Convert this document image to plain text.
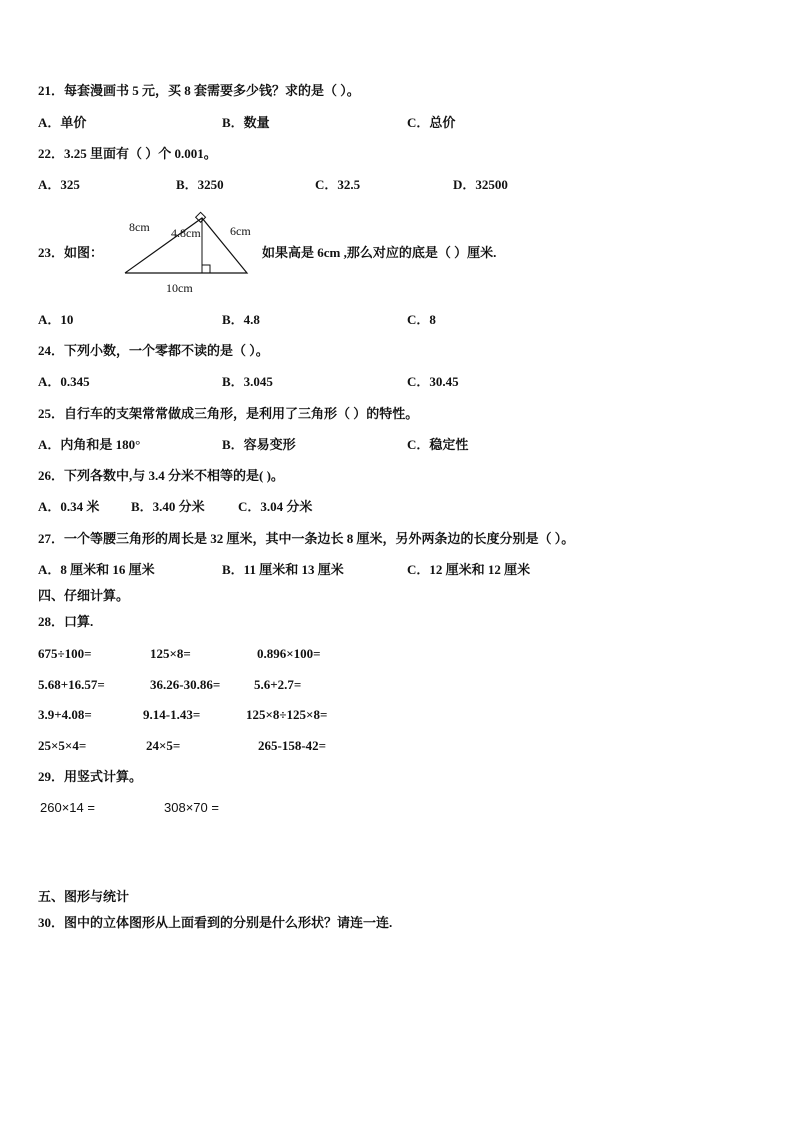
21．每套漫画书 5 元，买 8 套需要多少钱？求的是（ ）。
A．单价	B．数量	C．总价
22．3.25 里面有（ ）个 0.001。
A．325	B．3250	C．32.5	D．32500
23．如图：
8cm 4.8cm 6cm
10cm
如果高是 6cm ,那么对应的底是（ ）厘米.
A．10	B．4.8	C．8
24．下列小数，一个零都不读的是（ ）。
A．0.345	B．3.045	C．30.45
25．自行车的支架常常做成三角形，是利用了三角形（ ）的特性。
A．内角和是 180°	B．容易变形	C．稳定性
26．下列各数中,与 3.4 分米不相等的是( )。
A．0.34 米 B．3.40 分米	C．3.04 分米
27．一个等腰三角形的周长是 32 厘米，其中一条边长 8 厘米，另外两条边的长度分别是（ ）。
A．8 厘米和 16 厘米	B．11 厘米和 13 厘米	C．12 厘米和 12 厘米
四、仔细计算。
28．口算.
675÷100=	125×8=	0.896×100=
5.68+16.57=	36.26-30.86=	5.6+2.7=
3.9+4.08=	9.14-1.43=	125×8÷125×8=
25×5×4=	24×5=	265-158-42=
29．用竖式计算。
260×14 =	308×70 =
五、图形与统计
30．图中的立体图形从上面看到的分别是什么形状？请连一连.
